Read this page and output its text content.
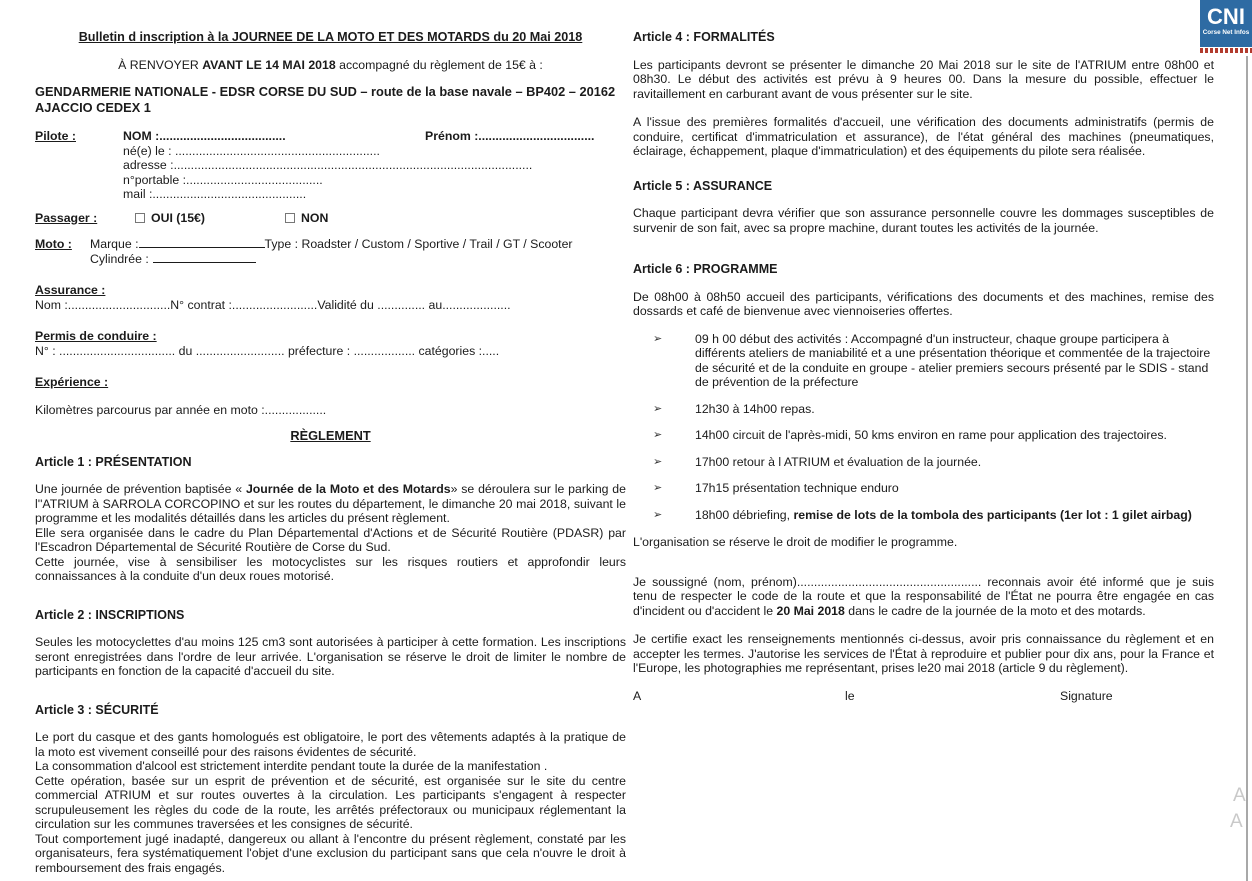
CNI
Corse Net Infos
A
A
Bulletin d inscription à la JOURNEE DE LA MOTO ET DES MOTARDS du 20 Mai 2018
À RENVOYER AVANT LE 14 MAI 2018 accompagné du règlement de 15€ à :
GENDARMERIE NATIONALE - EDSR CORSE DU SUD – route de la base navale – BP402 – 20162
AJACCIO CEDEX 1
Pilote :	NOM :.....................................	Prénom :..................................
né(e) le : ............................................................
adresse :.........................................................................................................
n°portable :........................................
mail :.............................................
Passager :	OUI (15€)	NON
Moto :	Marque :	Type : Roadster / Custom / Sportive / Trail / GT / Scooter
Cylindrée :
Assurance :
Nom :..............................N° contrat :.........................Validité du .............. au....................
Permis de conduire :
N° : .................................. du .......................... préfecture : .................. catégories :.....
Expérience :
Kilomètres parcourus par année en moto :..................
RÈGLEMENT
Article 1 : PRÉSENTATION

Une journée de prévention baptisée « Journée de la Moto et des Motards» se déroulera sur le parking de l''ATRIUM à SARROLA CORCOPINO et sur les routes du département, le dimanche 20 mai 2018, suivant le programme et les modalités détaillés dans les articles du présent règlement.

Elle sera organisée dans le cadre du Plan Départemental d'Actions et de Sécurité Routière (PDASR) par l'Escadron Départemental de Sécurité Routière de Corse du Sud.

Cette journée, vise à sensibiliser les motocyclistes sur les risques routiers et approfondir leurs connaissances à la conduite d'un deux roues motorisé.

Article 2 : INSCRIPTIONS

Seules les motocyclettes d'au moins 125 cm3 sont autorisées à participer à cette formation. Les inscriptions seront enregistrées dans l'ordre de leur arrivée. L'organisation se réserve le droit de limiter le nombre de participants en fonction de la capacité d'accueil du site.

Article 3 : SÉCURITÉ

Le port du casque et des gants homologués est obligatoire, le port des vêtements adaptés à la pratique de la moto est vivement conseillé pour des raisons évidentes de sécurité.

La consommation d'alcool est strictement interdite pendant toute la durée de la manifestation .

Cette opération, basée sur un esprit de prévention et de sécurité, est organisée sur le site du centre commercial ATRIUM et sur routes ouvertes à la circulation. Les participants s'engagent à respecter scrupuleusement les règles du code de la route, les arrêtés préfectoraux ou municipaux réglementant la circulation sur les communes traversées et les consignes de sécurité.

Tout comportement jugé inadapté, dangereux ou allant à l'encontre du présent règlement, constaté par les organisateurs, fera systématiquement l'objet d'une exclusion du participant sans que cela n'ouvre le droit à remboursement des frais engagés.

Article 4 : FORMALITÉS

Les participants devront se présenter le dimanche 20 Mai 2018 sur le site de l'ATRIUM entre 08h00 et 08h30. Le début des activités est prévu à 9 heures 00. Dans la mesure du possible, effectuer le ravitaillement en carburant avant de vous présenter sur le site.

A l'issue des premières formalités d'accueil, une vérification des documents administratifs (permis de conduire, certificat d'immatriculation et assurance), de l'état général des machines (pneumatiques, éclairage, échappement, plaque d'immatriculation) et des équipements du pilote sera réalisée.

Article 5 : ASSURANCE

Chaque participant devra vérifier que son assurance personnelle couvre les dommages susceptibles de survenir de son fait, avec sa propre machine, durant toutes les activités de la journée.

Article 6 : PROGRAMME

De 08h00 à 08h50 accueil des participants, vérifications des documents et des machines, remise des dossards et café de bienvenue avec viennoiseries offertes.

➢	09 h 00 début des activités : Accompagné d'un instructeur, chaque groupe participera à différents ateliers de maniabilité et a une présentation théorique et commentée de la trajectoire de sécurité et de la conduite en groupe - atelier premiers secours présenté par le SDIS - stand de prévention de la préfecture
➢	12h30 à 14h00 repas.
➢	14h00 circuit de l'après-midi, 50 kms environ en rame pour application des trajectoires.
➢	17h00 retour à l ATRIUM et évaluation de la journée.
➢	17h15 présentation technique enduro
➢	18h00 débriefing, remise de lots de la tombola des participants (1er lot : 1 gilet airbag)

L'organisation se réserve le droit de modifier le programme.

Je soussigné (nom, prénom)...................................................... reconnais avoir été informé que je suis tenu de respecter le code de la route et que la responsabilité de l'État ne pourra être engagée en cas d'incident ou d'accident le 20 Mai 2018 dans le cadre de la journée de la moto et des motards.

Je certifie exact les renseignements mentionnés ci-dessus, avoir pris connaissance du règlement et en accepter les termes. J'autorise les services de l'État à reproduire et publier pour dix ans, pour la France et l'Europe, les photographies me représentant, prises le20 mai 2018 (article 9 du règlement).

A	le	Signature
